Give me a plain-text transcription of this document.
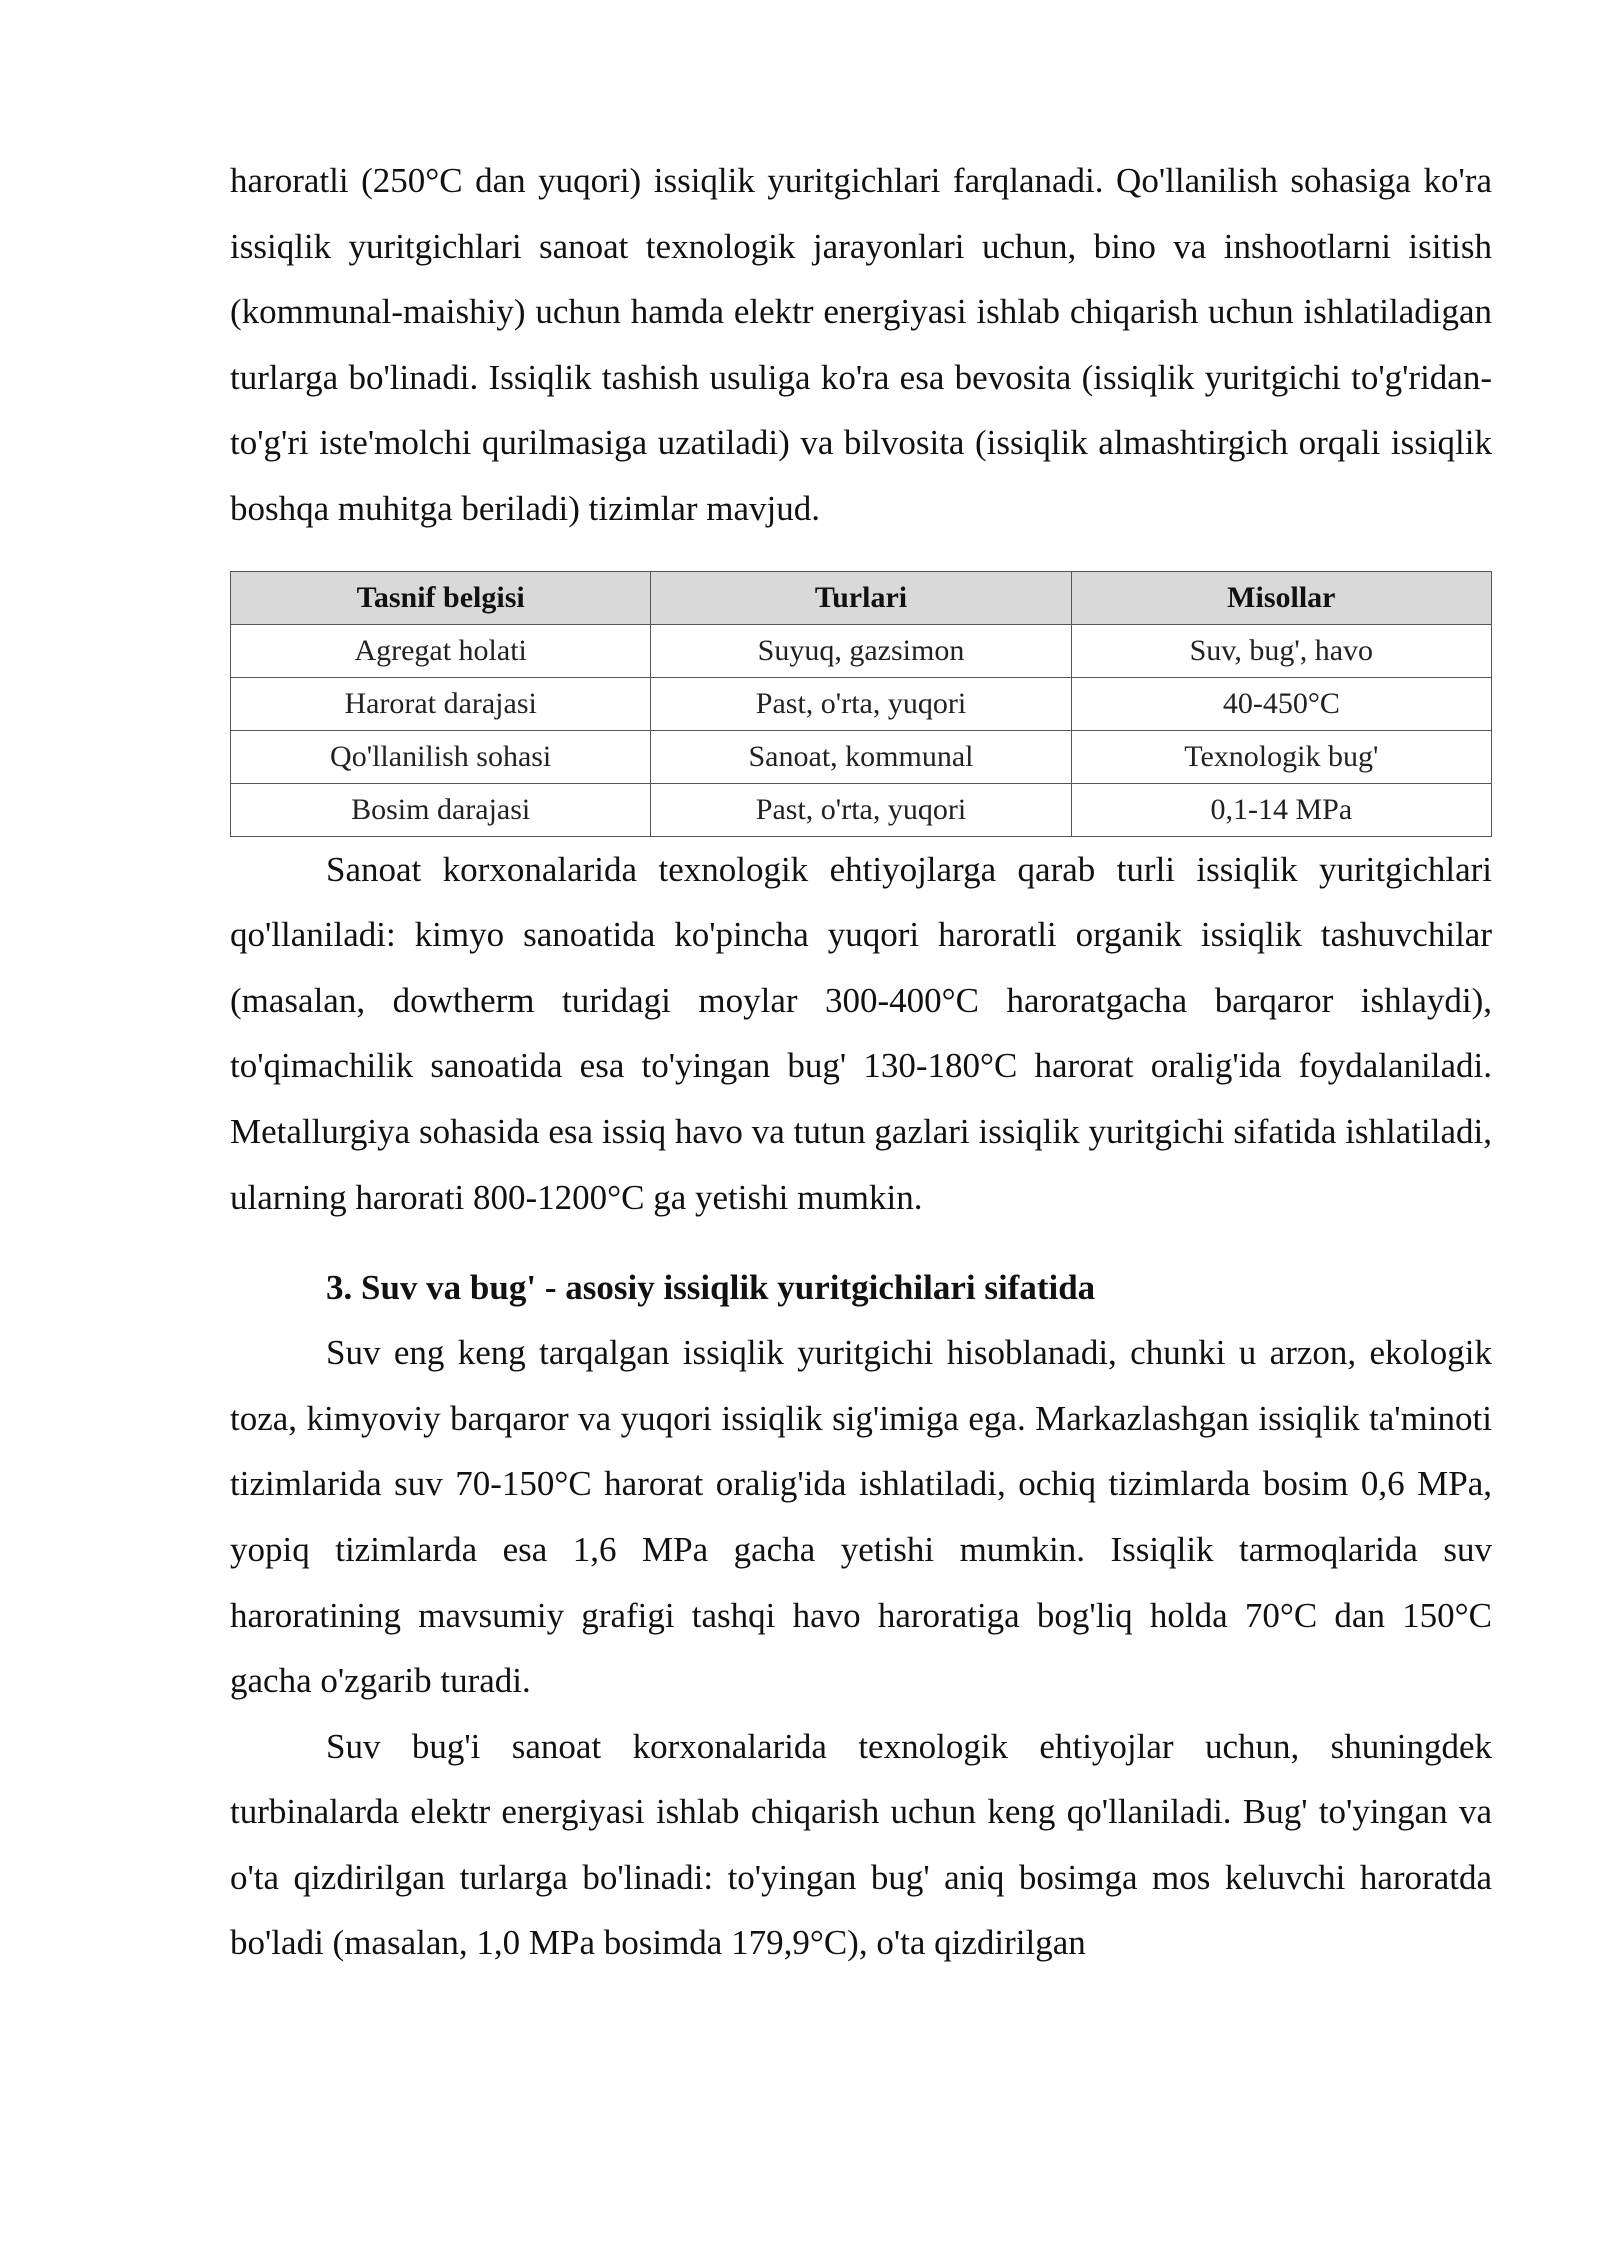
haroratli (250°C dan yuqori) issiqlik yuritgichlari farqlanadi. Qo'llanilish sohasiga ko'ra issiqlik yuritgichlari sanoat texnologik jarayonlari uchun, bino va inshootlarni isitish (kommunal-maishiy) uchun hamda elektr energiyasi ishlab chiqarish uchun ishlatiladigan turlarga bo'linadi. Issiqlik tashish usuliga ko'ra esa bevosita (issiqlik yuritgichi to'g'ridan-to'g'ri iste'molchi qurilmasiga uzatiladi) va bilvosita (issiqlik almashtirgich orqali issiqlik boshqa muhitga beriladi) tizimlar mavjud.

Tasnif belgisi	Turlari	Misollar
Agregat holati	Suyuq, gazsimon	Suv, bug', havo
Harorat darajasi	Past, o'rta, yuqori	40-450°C
Qo'llanilish sohasi	Sanoat, kommunal	Texnologik bug'
Bosim darajasi	Past, o'rta, yuqori	0,1-14 MPa

Sanoat korxonalarida texnologik ehtiyojlarga qarab turli issiqlik yuritgichlari qo'llaniladi: kimyo sanoatida ko'pincha yuqori haroratli organik issiqlik tashuvchilar (masalan, dowtherm turidagi moylar 300-400°C haroratgacha barqaror ishlaydi), to'qimachilik sanoatida esa to'yingan bug' 130-180°C harorat oralig'ida foydalaniladi. Metallurgiya sohasida esa issiq havo va tutun gazlari issiqlik yuritgichi sifatida ishlatiladi, ularning harorati 800-1200°C ga yetishi mumkin.

3. Suv va bug' - asosiy issiqlik yuritgichilari sifatida

Suv eng keng tarqalgan issiqlik yuritgichi hisoblanadi, chunki u arzon, ekologik toza, kimyoviy barqaror va yuqori issiqlik sig'imiga ega. Markazlashgan issiqlik ta'minoti tizimlarida suv 70-150°C harorat oralig'ida ishlatiladi, ochiq tizimlarda bosim 0,6 MPa, yopiq tizimlarda esa 1,6 MPa gacha yetishi mumkin. Issiqlik tarmoqlarida suv haroratining mavsumiy grafigi tashqi havo haroratiga bog'liq holda 70°C dan 150°C gacha o'zgarib turadi.

Suv bug'i sanoat korxonalarida texnologik ehtiyojlar uchun, shuningdek turbinalarda elektr energiyasi ishlab chiqarish uchun keng qo'llaniladi. Bug' to'yingan va o'ta qizdirilgan turlarga bo'linadi: to'yingan bug' aniq bosimga mos keluvchi haroratda bo'ladi (masalan, 1,0 MPa bosimda 179,9°C), o'ta qizdirilgan
